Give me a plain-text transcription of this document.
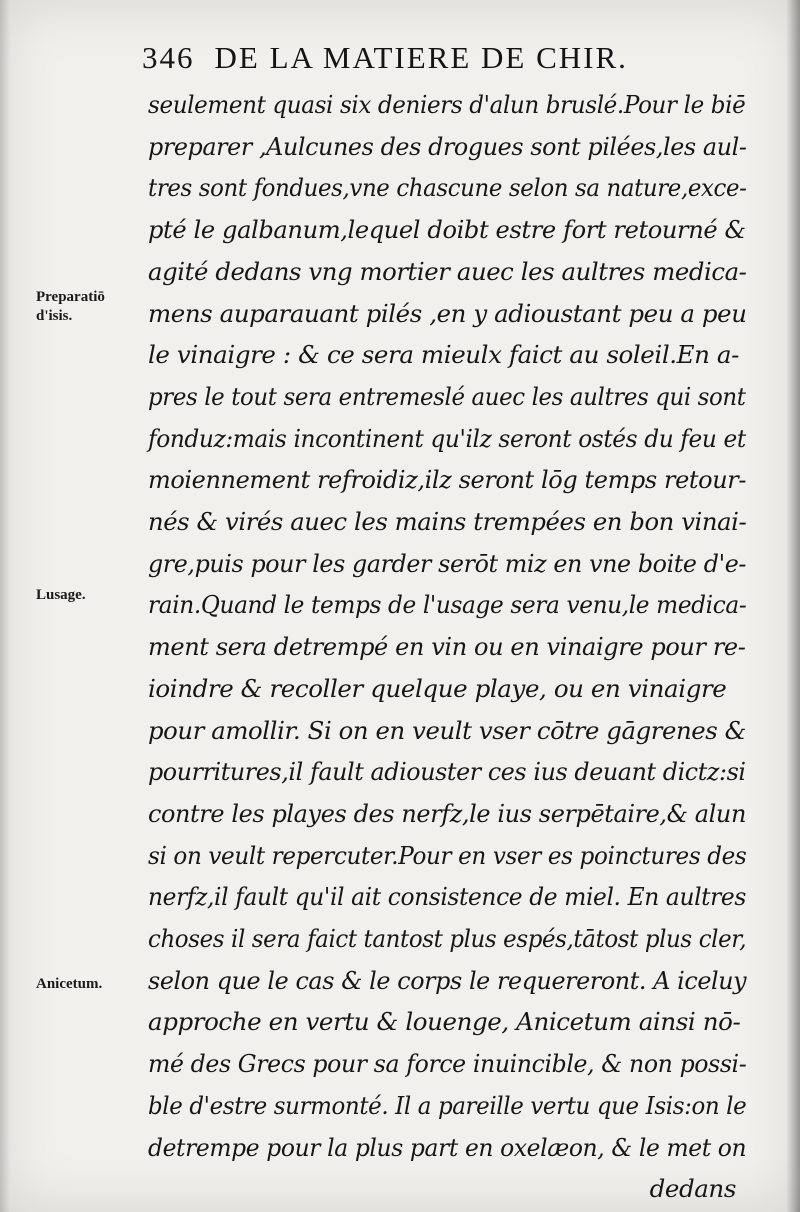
346 DE LA MATIERE DE CHIR.
Preparatiō
d'isis.
Lusage.
Anicetum.
seulement quasi six deniers d'alun bruslé.Pour le biē
preparer ,Aulcunes des drogues sont pilées,les aul-
tres sont fondues,vne chascune selon sa nature,exce-
pté le galbanum,lequel doibt estre fort retourné &
agité dedans vng mortier auec les aultres medica-
mens auparauant pilés ,en y adioustant peu a peu
le vinaigre : & ce sera mieulx faict au soleil.En a-
pres le tout sera entremeslé auec les aultres qui sont
fonduz:mais incontinent qu'ilz seront ostés du feu et
moiennement refroidiz,ilz seront lōg temps retour-
nés & virés auec les mains trempées en bon vinai-
gre,puis pour les garder serōt miz en vne boite d'e-
rain.Quand le temps de l'usage sera venu,le medica-
ment sera detrempé en vin ou en vinaigre pour re-
ioindre & recoller quelque playe, ou en vinaigre
pour amollir. Si on en veult vser cōtre gāgrenes &
pourritures,il fault adiouster ces ius deuant dictz:si
contre les playes des nerfz,le ius serpētaire,& alun
si on veult repercuter.Pour en vser es poinctures des
nerfz,il fault qu'il ait consistence de miel. En aultres
choses il sera faict tantost plus espés,tātost plus cler,
selon que le cas & le corps le requereront. A iceluy
approche en vertu & louenge, Anicetum ainsi nō-
mé des Grecs pour sa force inuincible, & non possi-
ble d'estre surmonté. Il a pareille vertu que Isis:on le
detrempe pour la plus part en oxelæon, & le met on
dedans
